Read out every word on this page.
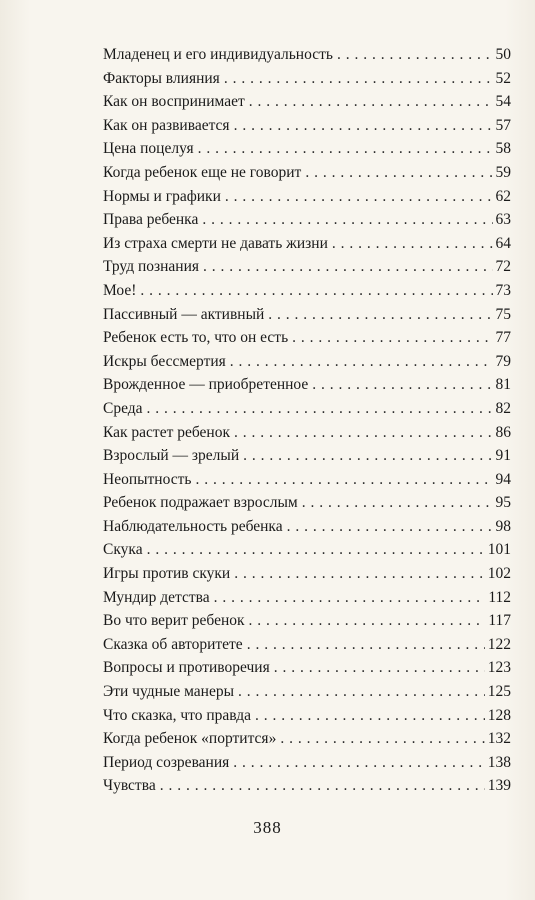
Младенец и его индивидуальность . . .	50
Факторы влияния . . .	52
Как он воспринимает . . .	54
Как он развивается . . .	57
Цена поцелуя . . .	58
Когда ребенок еще не говорит . . .	59
Нормы и графики . . .	62
Права ребенка . . .	63
Из страха смерти не давать жизни . . .	64
Труд познания . . .	72
Мое! . . .	73
Пассивный — активный . . .	75
Ребенок есть то, что он есть . . .	77
Искры бессмертия . . .	79
Врожденное — приобретенное . . .	81
Среда . . .	82
Как растет ребенок . . .	86
Взрослый — зрелый . . .	91
Неопытность . . .	94
Ребенок подражает взрослым . . .	95
Наблюдательность ребенка . . .	98
Скука . . .	101
Игры против скуки . . .	102
Мундир детства . . .	112
Во что верит ребенок . . .	117
Сказка об авторитете . . .	122
Вопросы и противоречия . . .	123
Эти чудные манеры . . .	125
Что сказка, что правда . . .	128
Когда ребенок «портится» . . .	132
Период созревания . . .	138
Чувства . . .	139
388
